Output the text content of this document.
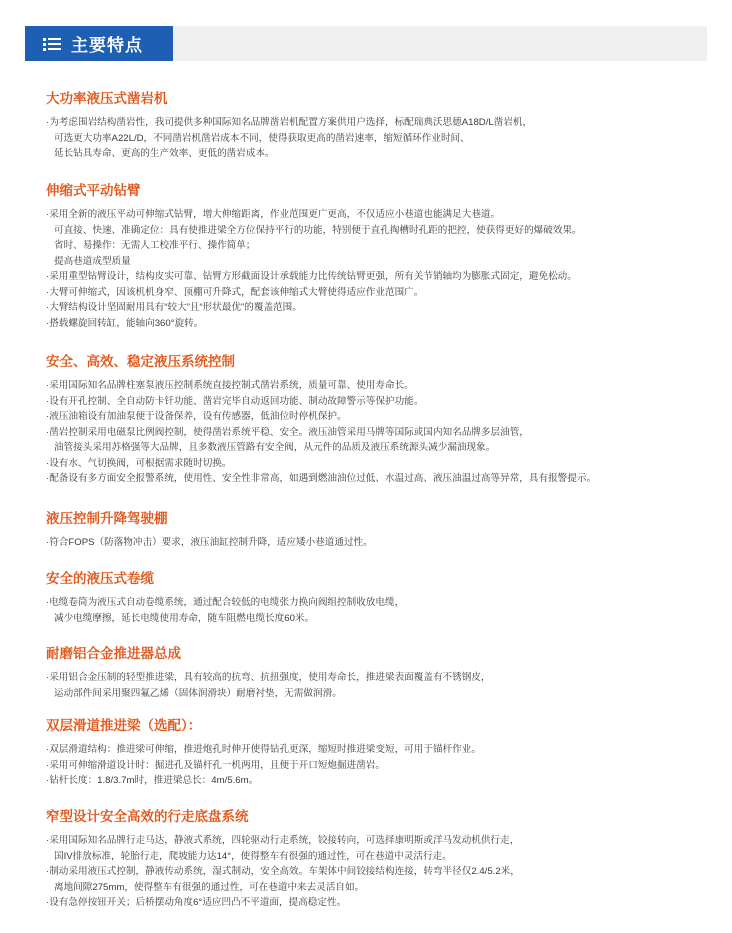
主要特点
大功率液压式凿岩机
·为考虑围岩结构凿岩性，我司提供多种国际知名品牌凿岩机配置方案供用户选择，标配瑞典沃思德A18D/L凿岩机，
可选更大功率A22L/D，不同凿岩机凿岩成本不同，使得获取更高的凿岩速率，缩短循环作业时间、
延长钻具寿命、更高的生产效率、更低的凿岩成本。
伸缩式平动钻臂
·采用全新的液压平动可伸缩式钻臂，增大伸缩距离，作业范围更广更高，不仅适应小巷道也能满足大巷道。
可直接、快速、准确定位：具有使推进梁全方位保持平行的功能，特别便于直孔掏槽时孔距的把控，使获得更好的爆破效果。
省时、易操作：无需人工校准平行、操作简单；
提高巷道成型质量
·采用重型钻臂设计，结构皮实可靠、钻臂方形截面设计承载能力比传统钻臂更强，所有关节销轴均为膨胀式固定，避免松动。
·大臂可伸缩式，因该机机身窄、顶棚可升降式，配套该伸缩式大臂使得适应作业范围广。
·大臂结构设计坚固耐用具有“较大”且“形状最优”的覆盖范围。
·搭载螺旋回转缸，能轴向360°旋转。
安全、高效、稳定液压系统控制
·采用国际知名品牌柱塞泵液压控制系统直接控制式凿岩系统，质量可靠、使用寿命长。
·设有开孔控制、全自动防卡钎功能、凿岩完毕自动返回功能、制动故障警示等保护功能。
·液压油箱设有加油泵便于设备保养，设有传感器，低油位时停机保护。
·凿岩控制采用电磁泵比例阀控制，使得凿岩系统平稳、安全。液压油管采用马牌等国际或国内知名品牌多层油管，
油管接头采用苏格强等大品牌，且多数液压管路有安全阀，从元件的品质及液压系统源头减少漏油现象。
·设有水、气切换阀，可根据需求随时切换。
·配备设有多方面安全报警系统，使用性、安全性非常高，如遇到燃油油位过低、水温过高、液压油温过高等异常，具有报警提示。
液压控制升降驾驶棚
·符合FOPS（防落物冲击）要求，液压油缸控制升降，适应矮小巷道通过性。
安全的液压式卷缆
·电缆卷筒为液压式自动卷缆系统，通过配合较低的电缆张力换向阀组控制收放电缆，
减少电缆摩擦，延长电缆使用寿命，随车阻燃电缆长度60米。
耐磨铝合金推进器总成
·采用铝合金压制的轻型推进梁，具有较高的抗弯、抗扭强度，使用寿命长，推进梁表面覆盖有不锈钢皮，
运动部件间采用聚四氟乙烯（固体润滑块）耐磨衬垫，无需做润滑。
双层滑道推进梁（选配）：
·双层滑道结构：推进梁可伸缩，推进炮孔时伸开使得钻孔更深，缩短时推进梁变短，可用于锚杆作业。
·采用可伸缩滑道设计时：掘进孔及锚杆孔一机两用，且便于开口短炮掘进凿岩。
·钻杆长度：1.8/3.7m时，推进梁总长：4m/5.6m。
窄型设计安全高效的行走底盘系统
·采用国际知名品牌行走马达，静液式系统，四轮驱动行走系统，铰接转向，可选择康明斯或洋马发动机供行走，
国IV排放标准，轮胎行走，爬坡能力达14°，使得整车有很强的通过性，可在巷道中灵活行走。
·制动采用液压式控制，静液传动系统，湿式制动，安全高效。车架体中间铰接结构连接，转弯半径仅2.4/5.2米，
离地间隙275mm，使得整车有很强的通过性，可在巷道中来去灵活自如。
·设有急停按钮开关；后桥摆动角度6°适应凹凸不平道面，提高稳定性。
